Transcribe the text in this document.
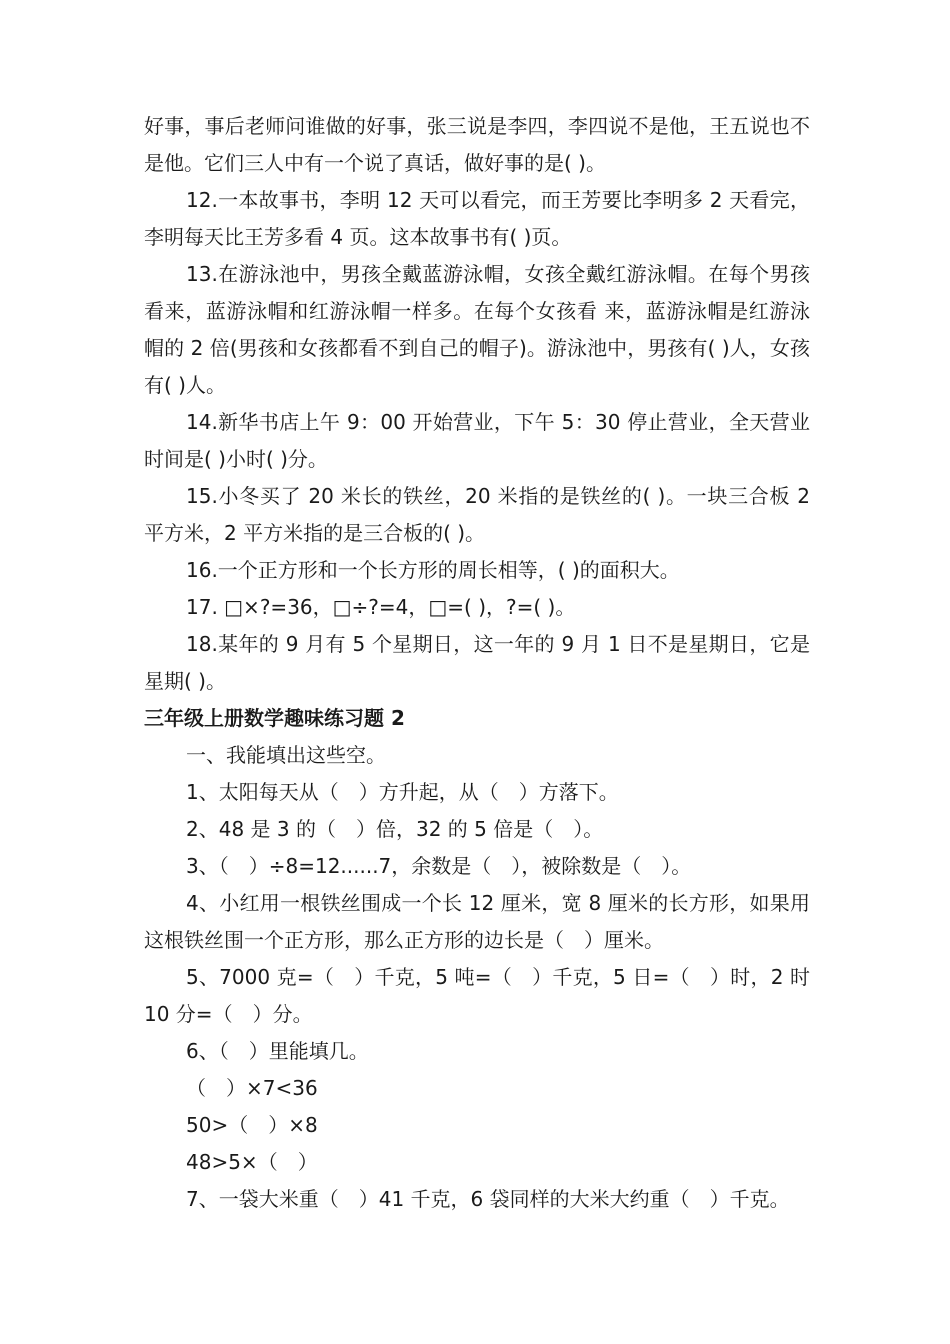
好事，事后老师问谁做的好事，张三说是李四，李四说不是他，王五说也不是他。它们三人中有一个说了真话，做好事的是( )。

12.一本故事书，李明 12 天可以看完，而王芳要比李明多 2 天看完，李明每天比王芳多看 4 页。这本故事书有( )页。

13.在游泳池中，男孩全戴蓝游泳帽，女孩全戴红游泳帽。在每个男孩看来，蓝游泳帽和红游泳帽一样多。在每个女孩看 来，蓝游泳帽是红游泳帽的 2 倍(男孩和女孩都看不到自己的帽子)。游泳池中，男孩有( )人，女孩有( )人。

14.新华书店上午 9：00 开始营业，下午 5：30 停止营业，全天营业时间是( )小时( )分。

15.小冬买了 20 米长的铁丝，20 米指的是铁丝的( )。一块三合板 2 平方米，2 平方米指的是三合板的( )。

16.一个正方形和一个长方形的周长相等，( )的面积大。

17. □×?=36，□÷?=4，□=( )，?=( )。

18.某年的 9 月有 5 个星期日，这一年的 9 月 1 日不是星期日，它是星期( )。

三年级上册数学趣味练习题 2

一、我能填出这些空。

1、太阳每天从（　）方升起，从（　）方落下。

2、48 是 3 的（　）倍，32 的 5 倍是（　）。

3、（　）÷8=12......7，余数是（　），被除数是（　）。

4、小红用一根铁丝围成一个长 12 厘米，宽 8 厘米的长方形，如果用这根铁丝围一个正方形，那么正方形的边长是（　）厘米。

5、7000 克=（　）千克，5 吨=（　）千克，5 日=（　）时，2 时 10 分=（　）分。

6、（　）里能填几。

（　）×7<36

50>（　）×8

48>5×（　）

7、一袋大米重（　）41 千克，6 袋同样的大米大约重（　）千克。
